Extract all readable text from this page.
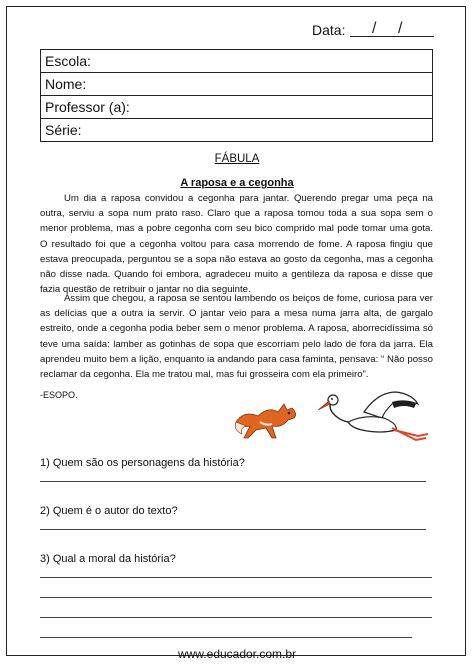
Data: / /
Escola:
Nome:
Professor (a):
Série:
FÁBULA
A raposa e a cegonha

Um dia a raposa convidou a cegonha para jantar. Querendo pregar uma peça na outra, serviu a sopa num prato raso. Claro que a raposa tomou toda a sua sopa sem o menor problema, mas a pobre cegonha com seu bico comprido mal pode tomar uma gota. O resultado foi que a cegonha voltou para casa morrendo de fome. A raposa fingiu que estava preocupada, perguntou se a sopa não estava ao gosto da cegonha, mas a cegonha não disse nada. Quando foi embora, agradeceu muito a gentileza da raposa e disse que fazia questão de retribuir o jantar no dia seguinte.

Assim que chegou, a raposa se sentou lambendo os beiços de fome, curiosa para ver as delícias que a outra ia servir. O jantar veio para a mesa numa jarra alta, de gargalo estreito, onde a cegonha podia beber sem o menor problema. A raposa, aborrecidíssima só teve uma saída: lamber as gotinhas de sopa que escorriam pelo lado de fora da jarra. Ela aprendeu muito bem a lição, enquanto ia andando para casa faminta, pensava: “ Não posso reclamar da cegonha. Ela me tratou mal, mas fui grosseira com ela primeiro”.

-ESOPO.
1) Quem são os personagens da história?
2) Quem é o autor do texto?
3) Qual a moral da história?
www.educador.com.br
